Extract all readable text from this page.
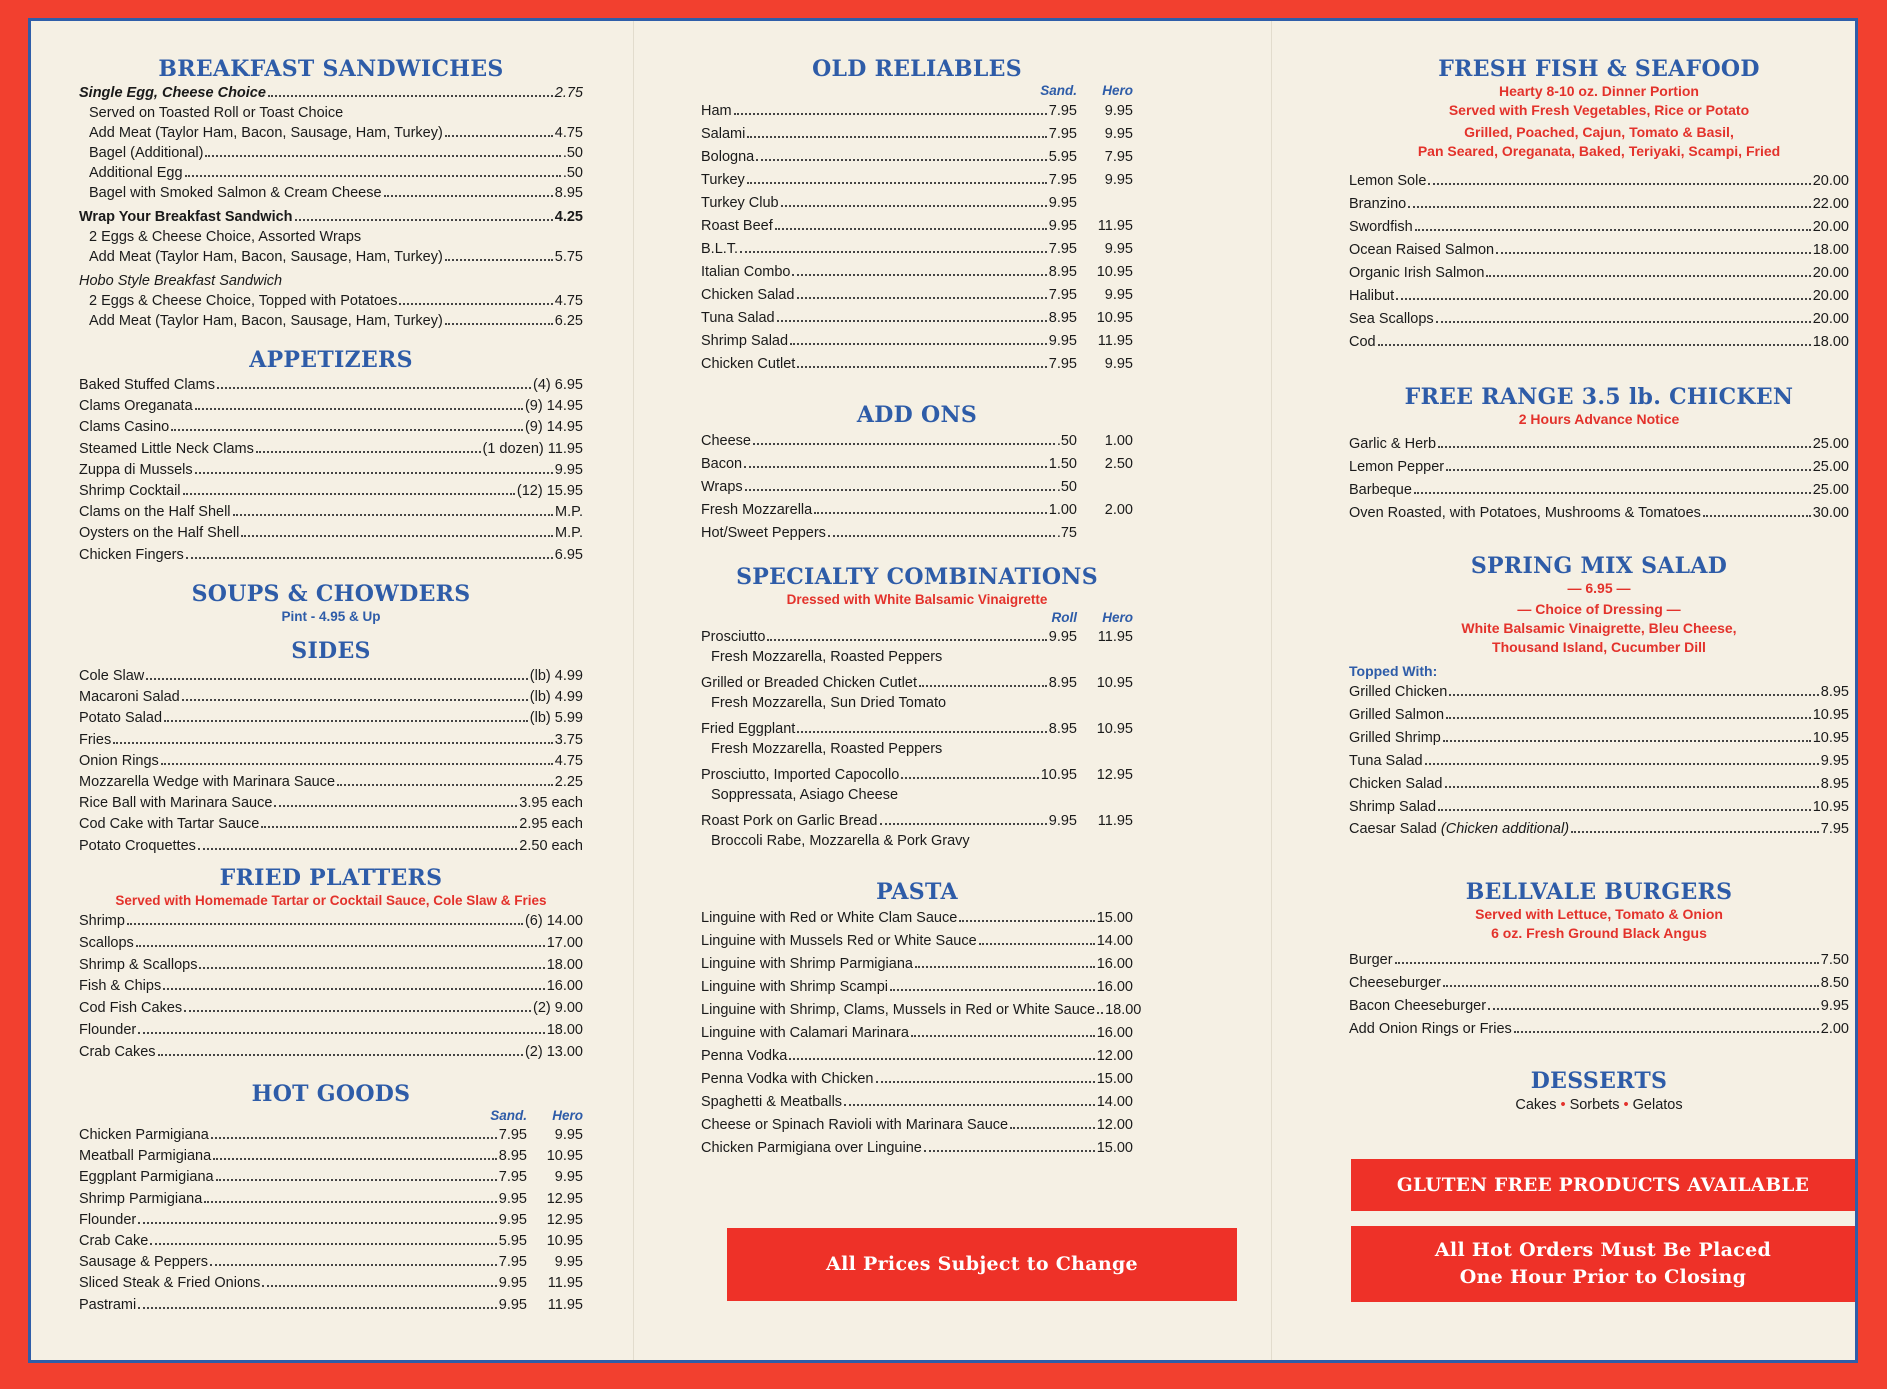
BREAKFAST SANDWICHES
Single Egg, Cheese Choice	2.75
Served on Toasted Roll or Toast Choice
Add Meat (Taylor Ham, Bacon, Sausage, Ham, Turkey)	4.75
Bagel (Additional)	.50
Additional Egg	.50
Bagel with Smoked Salmon & Cream Cheese	8.95
Wrap Your Breakfast Sandwich	4.25
2 Eggs & Cheese Choice, Assorted Wraps
Add Meat (Taylor Ham, Bacon, Sausage, Ham, Turkey)	5.75
Hobo Style Breakfast Sandwich
2 Eggs & Cheese Choice, Topped with Potatoes	4.75
Add Meat (Taylor Ham, Bacon, Sausage, Ham, Turkey)	6.25
APPETIZERS
Baked Stuffed Clams	(4) 6.95
Clams Oreganata	(9) 14.95
Clams Casino	(9) 14.95
Steamed Little Neck Clams	(1 dozen) 11.95
Zuppa di Mussels	9.95
Shrimp Cocktail	(12) 15.95
Clams on the Half Shell	M.P.
Oysters on the Half Shell	M.P.
Chicken Fingers	6.95
SOUPS & CHOWDERS
Pint - 4.95 & Up
SIDES
Cole Slaw	(lb) 4.99
Macaroni Salad	(lb) 4.99
Potato Salad	(lb) 5.99
Fries	3.75
Onion Rings	4.75
Mozzarella Wedge with Marinara Sauce	2.25
Rice Ball with Marinara Sauce	3.95 each
Cod Cake with Tartar Sauce	2.95 each
Potato Croquettes	2.50 each
FRIED PLATTERS
Served with Homemade Tartar or Cocktail Sauce, Cole Slaw & Fries
Shrimp	(6) 14.00
Scallops	17.00
Shrimp & Scallops	18.00
Fish & Chips	16.00
Cod Fish Cakes	(2) 9.00
Flounder	18.00
Crab Cakes	(2) 13.00
HOT GOODS
Sand.	Hero
Chicken Parmigiana	7.95	9.95
Meatball Parmigiana	8.95	10.95
Eggplant Parmigiana	7.95	9.95
Shrimp Parmigiana	9.95	12.95
Flounder	9.95	12.95
Crab Cake	5.95	10.95
Sausage & Peppers	7.95	9.95
Sliced Steak & Fried Onions	9.95	11.95
Pastrami	9.95	11.95
OLD RELIABLES
Sand.	Hero
Ham	7.95	9.95
Salami	7.95	9.95
Bologna	5.95	7.95
Turkey	7.95	9.95
Turkey Club	9.95
Roast Beef	9.95	11.95
B.L.T.	7.95	9.95
Italian Combo	8.95	10.95
Chicken Salad	7.95	9.95
Tuna Salad	8.95	10.95
Shrimp Salad	9.95	11.95
Chicken Cutlet	7.95	9.95
ADD ONS
Cheese	.50	1.00
Bacon	1.50	2.50
Wraps	.50
Fresh Mozzarella	1.00	2.00
Hot/Sweet Peppers	.75
SPECIALTY COMBINATIONS
Dressed with White Balsamic Vinaigrette
Roll	Hero
Prosciutto	9.95	11.95
Fresh Mozzarella, Roasted Peppers
Grilled or Breaded Chicken Cutlet	8.95	10.95
Fresh Mozzarella, Sun Dried Tomato
Fried Eggplant	8.95	10.95
Fresh Mozzarella, Roasted Peppers
Prosciutto, Imported Capocollo	10.95	12.95
Soppressata, Asiago Cheese
Roast Pork on Garlic Bread	9.95	11.95
Broccoli Rabe, Mozzarella & Pork Gravy
PASTA
Linguine with Red or White Clam Sauce	15.00
Linguine with Mussels Red or White Sauce	14.00
Linguine with Shrimp Parmigiana	16.00
Linguine with Shrimp Scampi	16.00
Linguine with Shrimp, Clams, Mussels in Red or White Sauce 18.00
Linguine with Calamari Marinara	16.00
Penna Vodka	12.00
Penna Vodka with Chicken	15.00
Spaghetti & Meatballs	14.00
Cheese or Spinach Ravioli with Marinara Sauce	12.00
Chicken Parmigiana over Linguine	15.00
All Prices Subject to Change
FRESH FISH & SEAFOOD
Hearty 8-10 oz. Dinner Portion
Served with Fresh Vegetables, Rice or Potato
Grilled, Poached, Cajun, Tomato & Basil,
Pan Seared, Oreganata, Baked, Teriyaki, Scampi, Fried
Lemon Sole	20.00
Branzino	22.00
Swordfish	20.00
Ocean Raised Salmon	18.00
Organic Irish Salmon	20.00
Halibut	20.00
Sea Scallops	20.00
Cod	18.00
FREE RANGE 3.5 lb. CHICKEN
2 Hours Advance Notice
Garlic & Herb	25.00
Lemon Pepper	25.00
Barbeque	25.00
Oven Roasted, with Potatoes, Mushrooms & Tomatoes	30.00
SPRING MIX SALAD
— 6.95 —
— Choice of Dressing —
White Balsamic Vinaigrette, Bleu Cheese,
Thousand Island, Cucumber Dill
Topped With:
Grilled Chicken	8.95
Grilled Salmon	10.95
Grilled Shrimp	10.95
Tuna Salad	9.95
Chicken Salad	8.95
Shrimp Salad	10.95
Caesar Salad
(Chicken additional)	7.95
BELLVALE BURGERS
Served with Lettuce, Tomato & Onion
6 oz. Fresh Ground Black Angus
Burger	7.50
Cheeseburger	8.50
Bacon Cheeseburger	9.95
Add Onion Rings or Fries	2.00
DESSERTS
Cakes • Sorbets • Gelatos
GLUTEN FREE PRODUCTS AVAILABLE
All Hot Orders Must Be Placed
One Hour Prior to Closing
